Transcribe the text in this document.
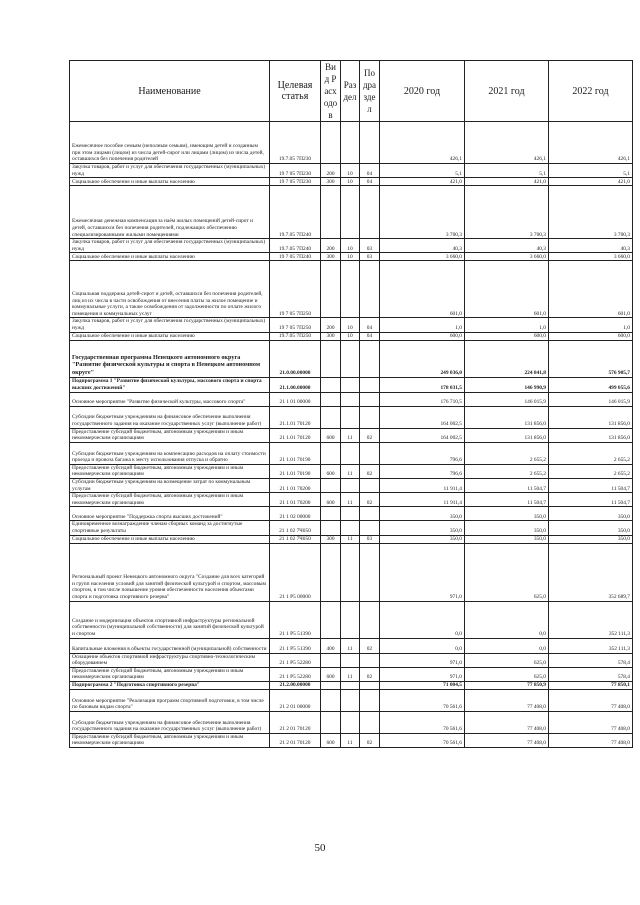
Наименование	Целевая статья	Вид Расходов	Раздел	Подраздел	2020 год	2021 год	2022 год
Ежемесячное пособие семьям (неполным семьям), имеющим детей и созданным при этом лицами (лицом) из числа детей-сирот или лицами (лицом) из числа детей, оставшихся без попечения родителей	19.7.05 7П230				426,1	426,1	426,1
Закупка товаров, работ и услуг для обеспечения государственных (муниципальных) нужд	19 7 05 7П230	200	10	04	5,1	5,1	5,1
Социальное обеспечение и иные выплаты населению	19 7 05 7П230	300	10	04	421,0	421,0	421,0
Ежемесячная денежная компенсация за наём жилых помещений детей-сирот и детей, оставшихся без попечения родителей, подлежащих обеспечению специализированными жилыми помещениями	19.7.05 7П240				3 700,3	3 700,3	3 700,3
Закупка товаров, работ и услуг для обеспечения государственных (муниципальных) нужд	19.7.05 7П240	200	10	03	40,3	40,3	40,3
Социальное обеспечение и иные выплаты населению	19 7 05 7П240	300	10	03	3 660,0	3 660,0	3 660,0
Социальная поддержка детей-сирот и детей, оставшихся без попечения родителей, лиц из их числа в части освобождения от внесения платы за жилое помещение и коммунальные услуги, а также освобождения от задолженности по оплате жилого помещения и коммунальных услуг	19 7 05 7П250				601,0	601,0	601,0
Закупка товаров, работ и услуг для обеспечения государственных (муниципальных) нужд	19 7 05 7П250	200	10	04	1,0	1,0	1,0
Социальное обеспечение и иные выплаты населению	19.7.05 7П250	300	10	04	600,0	600,0	600,0
Государственная программа Ненецкого автономного округа "Развитие физической культуры и спорта в Ненецком автономном округе"	21.0.00.00000				249 036,0	224 841,8	576 905,7
Подпрограмма 1 "Развитие физической культуры, массового спорта и спорта высших достижений"	21.1.00.00000				178 031,5	146 990,9	499 055,6
Основное мероприятие "Развитие физической культуры, массового спорта"	21 1 01 00000				176 710,5	146 015,9	146 015,9
Субсидии бюджетным учреждениям на финансовое обеспечение выполнения государственного задания на оказание государственных услуг (выполнение работ)	21.1.01 70120				164 002,5	131 856,0	131 856,0
Предоставление субсидий бюджетным, автономным учреждениям и иным некоммерческим организациям	21 1.01 70120	600	11	02	164 002,5	131 856,0	131 856,0
Субсидии бюджетным учреждениям на компенсацию расходов на оплату стоимости проезда и провоза багажа к месту использования отпуска и обратно	21 1.01 70190				796,6	2 655,2	2 655,2
Предоставление субсидий бюджетным, автономным учреждениям и иным некоммерческим организациям	21 1.01 70190	600	11	02	796,6	2 655,2	2 655,2
Субсидии бюджетным учреждениям на возмещение затрат по коммунальным услугам	21 1 01 70200				11 911,4	11 504,7	11 504,7
Предоставление субсидий бюджетным, автономным учреждениям и иным некоммерческим организациям	21 1 01 70200	600	11	02	11 911,4	11 504,7	11 504,7
Основное мероприятие "Поддержка спорта высших достижений"	21 1 02 00000				350,0	350,0	350,0
Единовременное вознаграждение членам сборных команд за достигнутые спортивные результаты	21 1 02 7Ч050				350,0	350,0	350,0
Социальное обеспечение и иные выплаты населению	21 1 02 7Ч050	300	11	03	350,0	350,0	350,0
Региональный проект Ненецкого автономного округа "Создание для всех категорий и групп населения условий для занятий физической культурой и спортом, массовым спортом, в том числе повышение уровня обеспеченности населения объектами спорта и подготовка спортивного резерва"	21 1 Р5 00000				971,0	625,0	352 689,7
Создание и модернизация объектов спортивной инфраструктуры региональной собственности (муниципальной собственности) для занятий физической культурой и спортом	21 1 Р5 51390				0,0	0,0	352 111,3
Капитальные вложения в объекты государственной (муниципальной) собственности	21 1 Р5 51390	400	11	02	0,0	0,0	352 111,3
Оснащение объектов спортивной инфраструктуры спортивно-технологическим оборудованием	21 1 Р5 52280				971,0	625,0	578,4
Предоставление субсидий бюджетным, автономным учреждениям и иным некоммерческим организациям	21 1 Р5 52280	600	11	02	971,0	625,0	578,4
Подпрограмма 2 "Подготовка спортивного резерва"	21.2.00.00000				71 004,5	77 850,9	77 850,1
Основное мероприятие "Реализация программ спортивной подготовки, в том числе по базовым видам спорта"	21 2 01 00000				70 561,6	77 408,0	77 408,0
Субсидии бюджетным учреждениям на финансовое обеспечение выполнения государственного задания на оказание государственных услуг (выполнение работ)	21 2 01 70120				70 561,6	77 408,0	77 408,0
Предоставление субсидий бюджетным, автономным учреждениям и иным некоммерческим организациям	21 2 01 70120	600	11	02	70 561,6	77 408,0	77 408,0
50
